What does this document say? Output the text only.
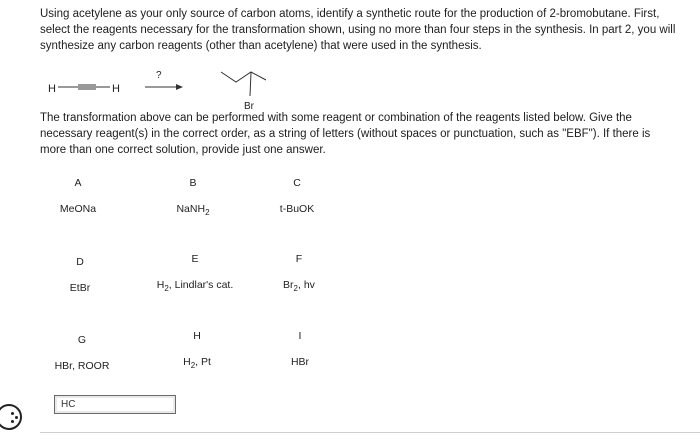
Using acetylene as your only source of carbon atoms, identify a synthetic route for the production of 2-bromobutane. First, select the reagents necessary for the transformation shown, using no more than four steps in the synthesis. In part 2, you will synthesize any carbon reagents (other than acetylene) that were used in the synthesis.
H	H
?
Br
The transformation above can be performed with some reagent or combination of the reagents listed below. Give the necessary reagent(s) in the correct order, as a string of letters (without spaces or punctuation, such as "EBF"). If there is more than one correct solution, provide just one answer.
A
MeONa
B
NaNH$_2$
C
t-BuOK
D
EtBr
E
$H_2$, Lindlar's cat.
F
$Br_2$, hv
G
HBr, ROOR
H
$H_2$, Pt
I
HBr
HC
